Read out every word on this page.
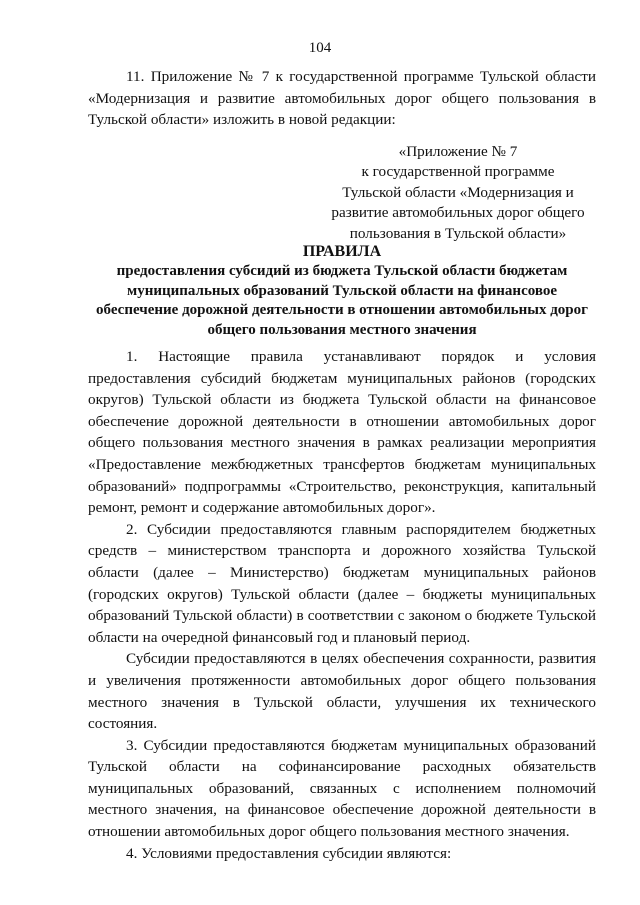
104

11. Приложение № 7 к государственной программе Тульской области «Модернизация и развитие автомобильных дорог общего пользования в Тульской области» изложить в новой редакции:

«Приложение № 7
к государственной программе
Тульской области «Модернизация и
развитие автомобильных дорог общего
пользования в Тульской области»
ПРАВИЛА
предоставления субсидий из бюджета Тульской области бюджетам муниципальных образований Тульской области на финансовое обеспечение дорожной деятельности в отношении автомобильных дорог общего пользования местного значения

1. Настоящие правила устанавливают порядок и условия предоставления субсидий бюджетам муниципальных районов (городских округов) Тульской области из бюджета Тульской области на финансовое обеспечение дорожной деятельности в отношении автомобильных дорог общего пользования местного значения в рамках реализации мероприятия «Предоставление межбюджетных трансфертов бюджетам муниципальных образований» подпрограммы «Строительство, реконструкция, капитальный ремонт, ремонт и содержание автомобильных дорог».

2. Субсидии предоставляются главным распорядителем бюджетных средств – министерством транспорта и дорожного хозяйства Тульской области (далее – Министерство) бюджетам муниципальных районов (городских округов) Тульской области (далее – бюджеты муниципальных образований Тульской области) в соответствии с законом о бюджете Тульской области на очередной финансовый год и плановый период.

Субсидии предоставляются в целях обеспечения сохранности, развития и увеличения протяженности автомобильных дорог общего пользования местного значения в Тульской области, улучшения их технического состояния.

3. Субсидии предоставляются бюджетам муниципальных образований Тульской области на софинансирование расходных обязательств муниципальных образований, связанных с исполнением полномочий местного значения, на финансовое обеспечение дорожной деятельности в отношении автомобильных дорог общего пользования местного значения.

4. Условиями предоставления субсидии являются:
